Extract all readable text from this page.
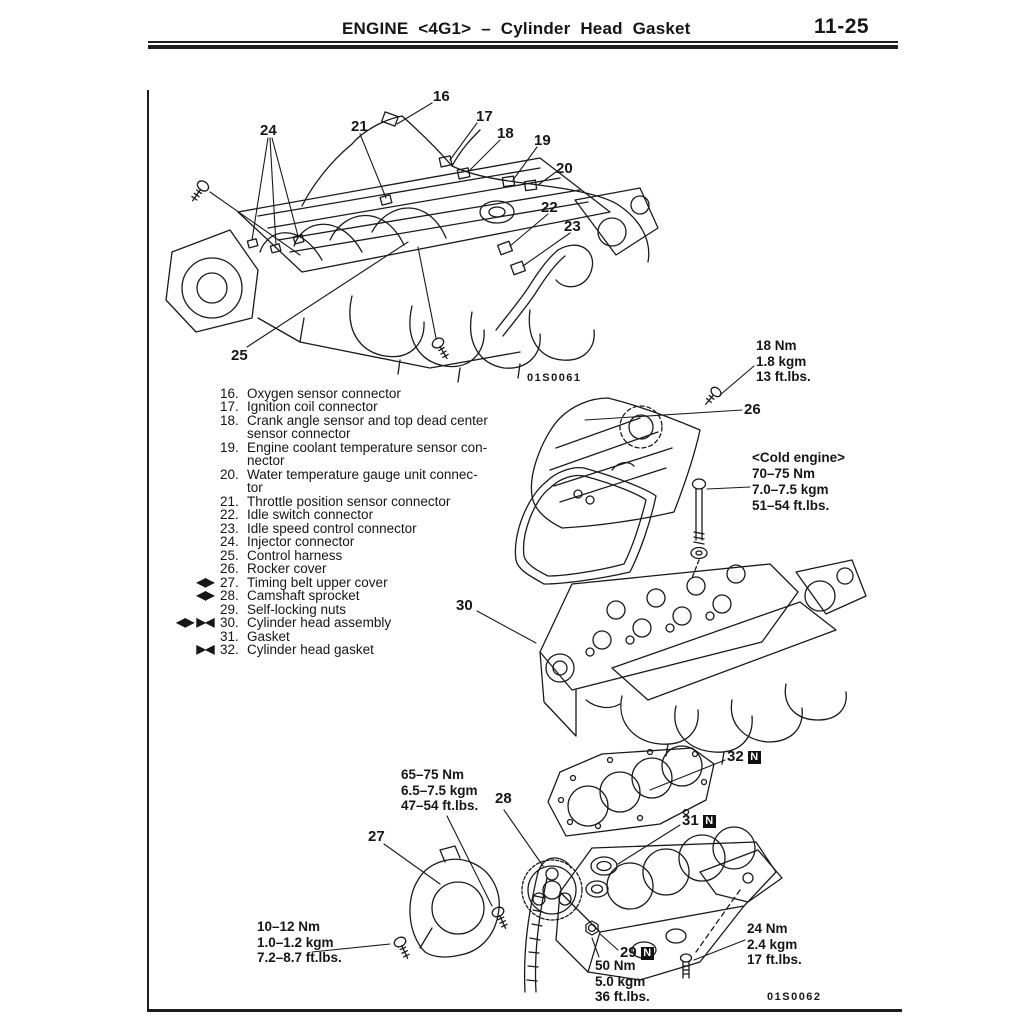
ENGINE <4G1> – Cylinder Head Gasket	11-25
01S0061
01S0062
16
17
18 19
20
21
24
22
23
25
26
30
27
28
32 N
31 N
29 N
18 Nm
1.8 kgm
13 ft.lbs.
<Cold engine>
70–75 Nm
7.0–7.5 kgm
51–54 ft.lbs.
65–75 Nm
6.5–7.5 kgm
47–54 ft.lbs.
10–12 Nm
1.0–1.2 kgm
7.2–8.7 ft.lbs.
24 Nm
2.4 kgm
17 ft.lbs.
50 Nm
5.0 kgm
36 ft.lbs.
16. Oxygen sensor connector
17. Ignition coil connector
18. Crank angle sensor and top dead center
sensor connector
19. Engine coolant temperature sensor con-
nector
20. Water temperature gauge unit connec-
tor
21. Throttle position sensor connector
22. Idle switch connector
23. Idle speed control connector
24. Injector connector
25. Control harness
26. Rocker cover
◀▶ 27. Timing belt upper cover
◀▶ 28. Camshaft sprocket
29. Self-locking nuts
◀▶ ▶◀ 30. Cylinder head assembly
31. Gasket
▶◀ 32. Cylinder head gasket
